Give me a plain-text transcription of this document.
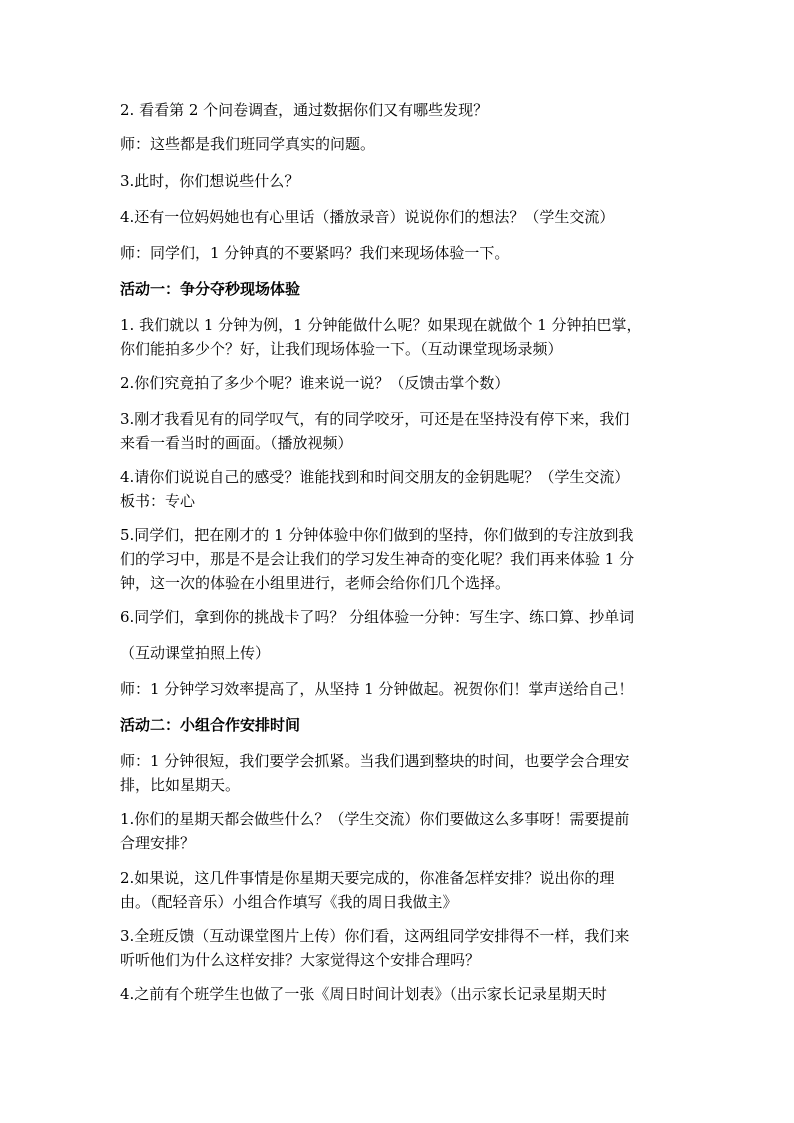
2. 看看第 2 个问卷调查，通过数据你们又有哪些发现？

师：这些都是我们班同学真实的问题。

3.此时，你们想说些什么？

4.还有一位妈妈她也有心里话（播放录音）说说你们的想法？（学生交流）

师：同学们，1 分钟真的不要紧吗？我们来现场体验一下。

活动一：争分夺秒现场体验

1. 我们就以 1 分钟为例，1 分钟能做什么呢？如果现在就做个 1 分钟拍巴掌，
你们能拍多少个？好，让我们现场体验一下。（互动课堂现场录频）

2.你们究竟拍了多少个呢？谁来说一说？（反馈击掌个数）

3.刚才我看见有的同学叹气，有的同学咬牙，可还是在坚持没有停下来，我们
来看一看当时的画面。（播放视频）

4.请你们说说自己的感受？谁能找到和时间交朋友的金钥匙呢？（学生交流）
板书：专心

5.同学们，把在刚才的 1 分钟体验中你们做到的坚持，你们做到的专注放到我
们的学习中，那是不是会让我们的学习发生神奇的变化呢？我们再来体验 1 分
钟，这一次的体验在小组里进行，老师会给你们几个选择。

6.同学们，拿到你的挑战卡了吗？ 分组体验一分钟：写生字、练口算、抄单词

（互动课堂拍照上传）

师：1 分钟学习效率提高了，从坚持 1 分钟做起。祝贺你们！掌声送给自己！

活动二：小组合作安排时间

师：1 分钟很短，我们要学会抓紧。当我们遇到整块的时间，也要学会合理安
排，比如星期天。

1.你们的星期天都会做些什么？（学生交流）你们要做这么多事呀！需要提前
合理安排？

2.如果说，这几件事情是你星期天要完成的，你准备怎样安排？说出你的理
由。（配轻音乐）小组合作填写《我的周日我做主》

3.全班反馈（互动课堂图片上传）你们看，这两组同学安排得不一样，我们来
听听他们为什么这样安排？大家觉得这个安排合理吗？

4.之前有个班学生也做了一张《周日时间计划表》（出示家长记录星期天时
